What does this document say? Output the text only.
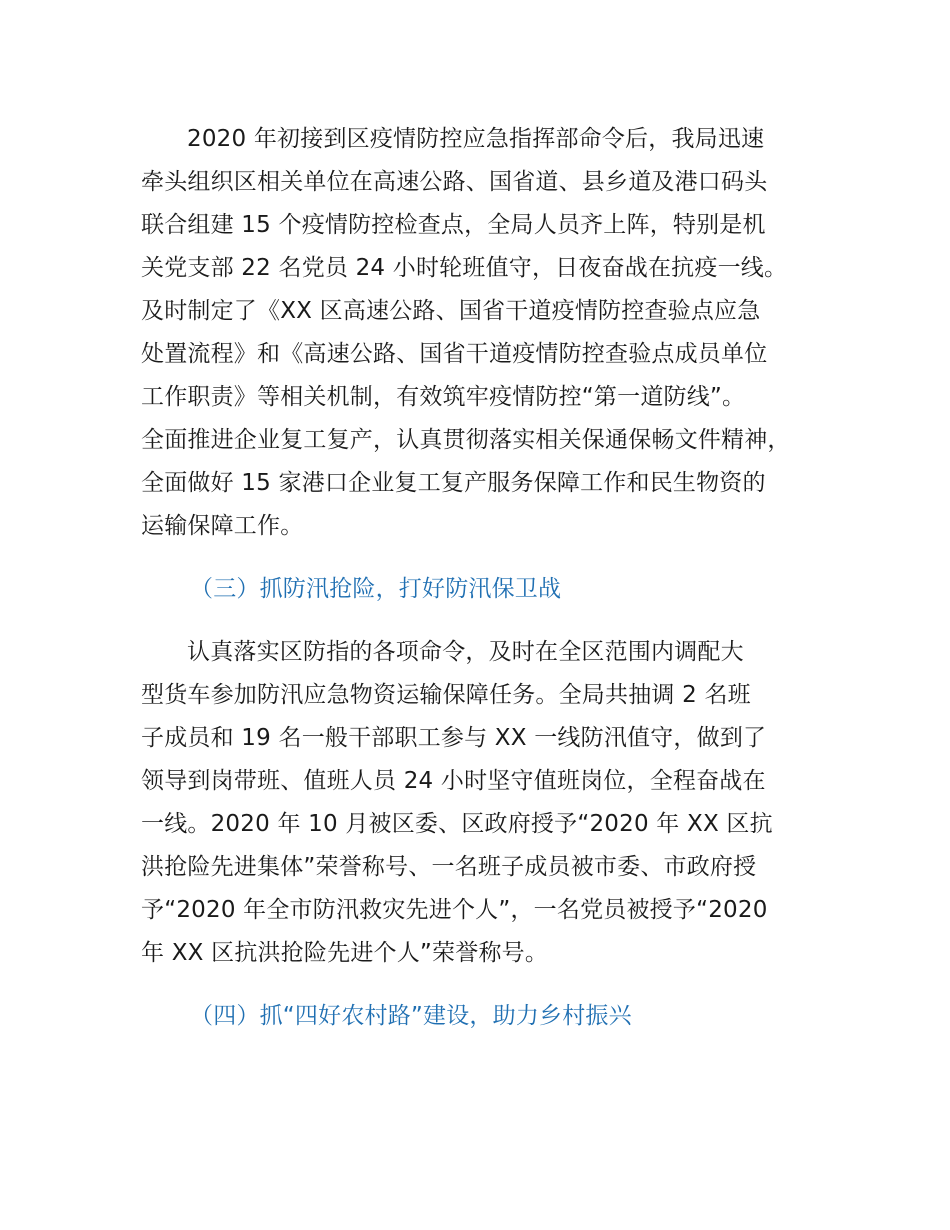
2020 年初接到区疫情防控应急指挥部命令后，我局迅速
牵头组织区相关单位在高速公路、国省道、县乡道及港口码头
联合组建 15 个疫情防控检查点，全局人员齐上阵，特别是机
关党支部 22 名党员 24 小时轮班值守，日夜奋战在抗疫一线。
及时制定了《XX 区高速公路、国省干道疫情防控查验点应急
处置流程》和《高速公路、国省干道疫情防控查验点成员单位
工作职责》等相关机制，有效筑牢疫情防控“第一道防线”。
全面推进企业复工复产，认真贯彻落实相关保通保畅文件精神，
全面做好 15 家港口企业复工复产服务保障工作和民生物资的
运输保障工作。
（三）抓防汛抢险，打好防汛保卫战
认真落实区防指的各项命令，及时在全区范围内调配大
型货车参加防汛应急物资运输保障任务。全局共抽调 2 名班
子成员和 19 名一般干部职工参与 XX 一线防汛值守，做到了
领导到岗带班、值班人员 24 小时坚守值班岗位，全程奋战在
一线。2020 年 10 月被区委、区政府授予“2020 年 XX 区抗
洪抢险先进集体”荣誉称号、一名班子成员被市委、市政府授
予“2020 年全市防汛救灾先进个人”，一名党员被授予“2020
年 XX 区抗洪抢险先进个人”荣誉称号。
（四）抓“四好农村路”建设，助力乡村振兴
